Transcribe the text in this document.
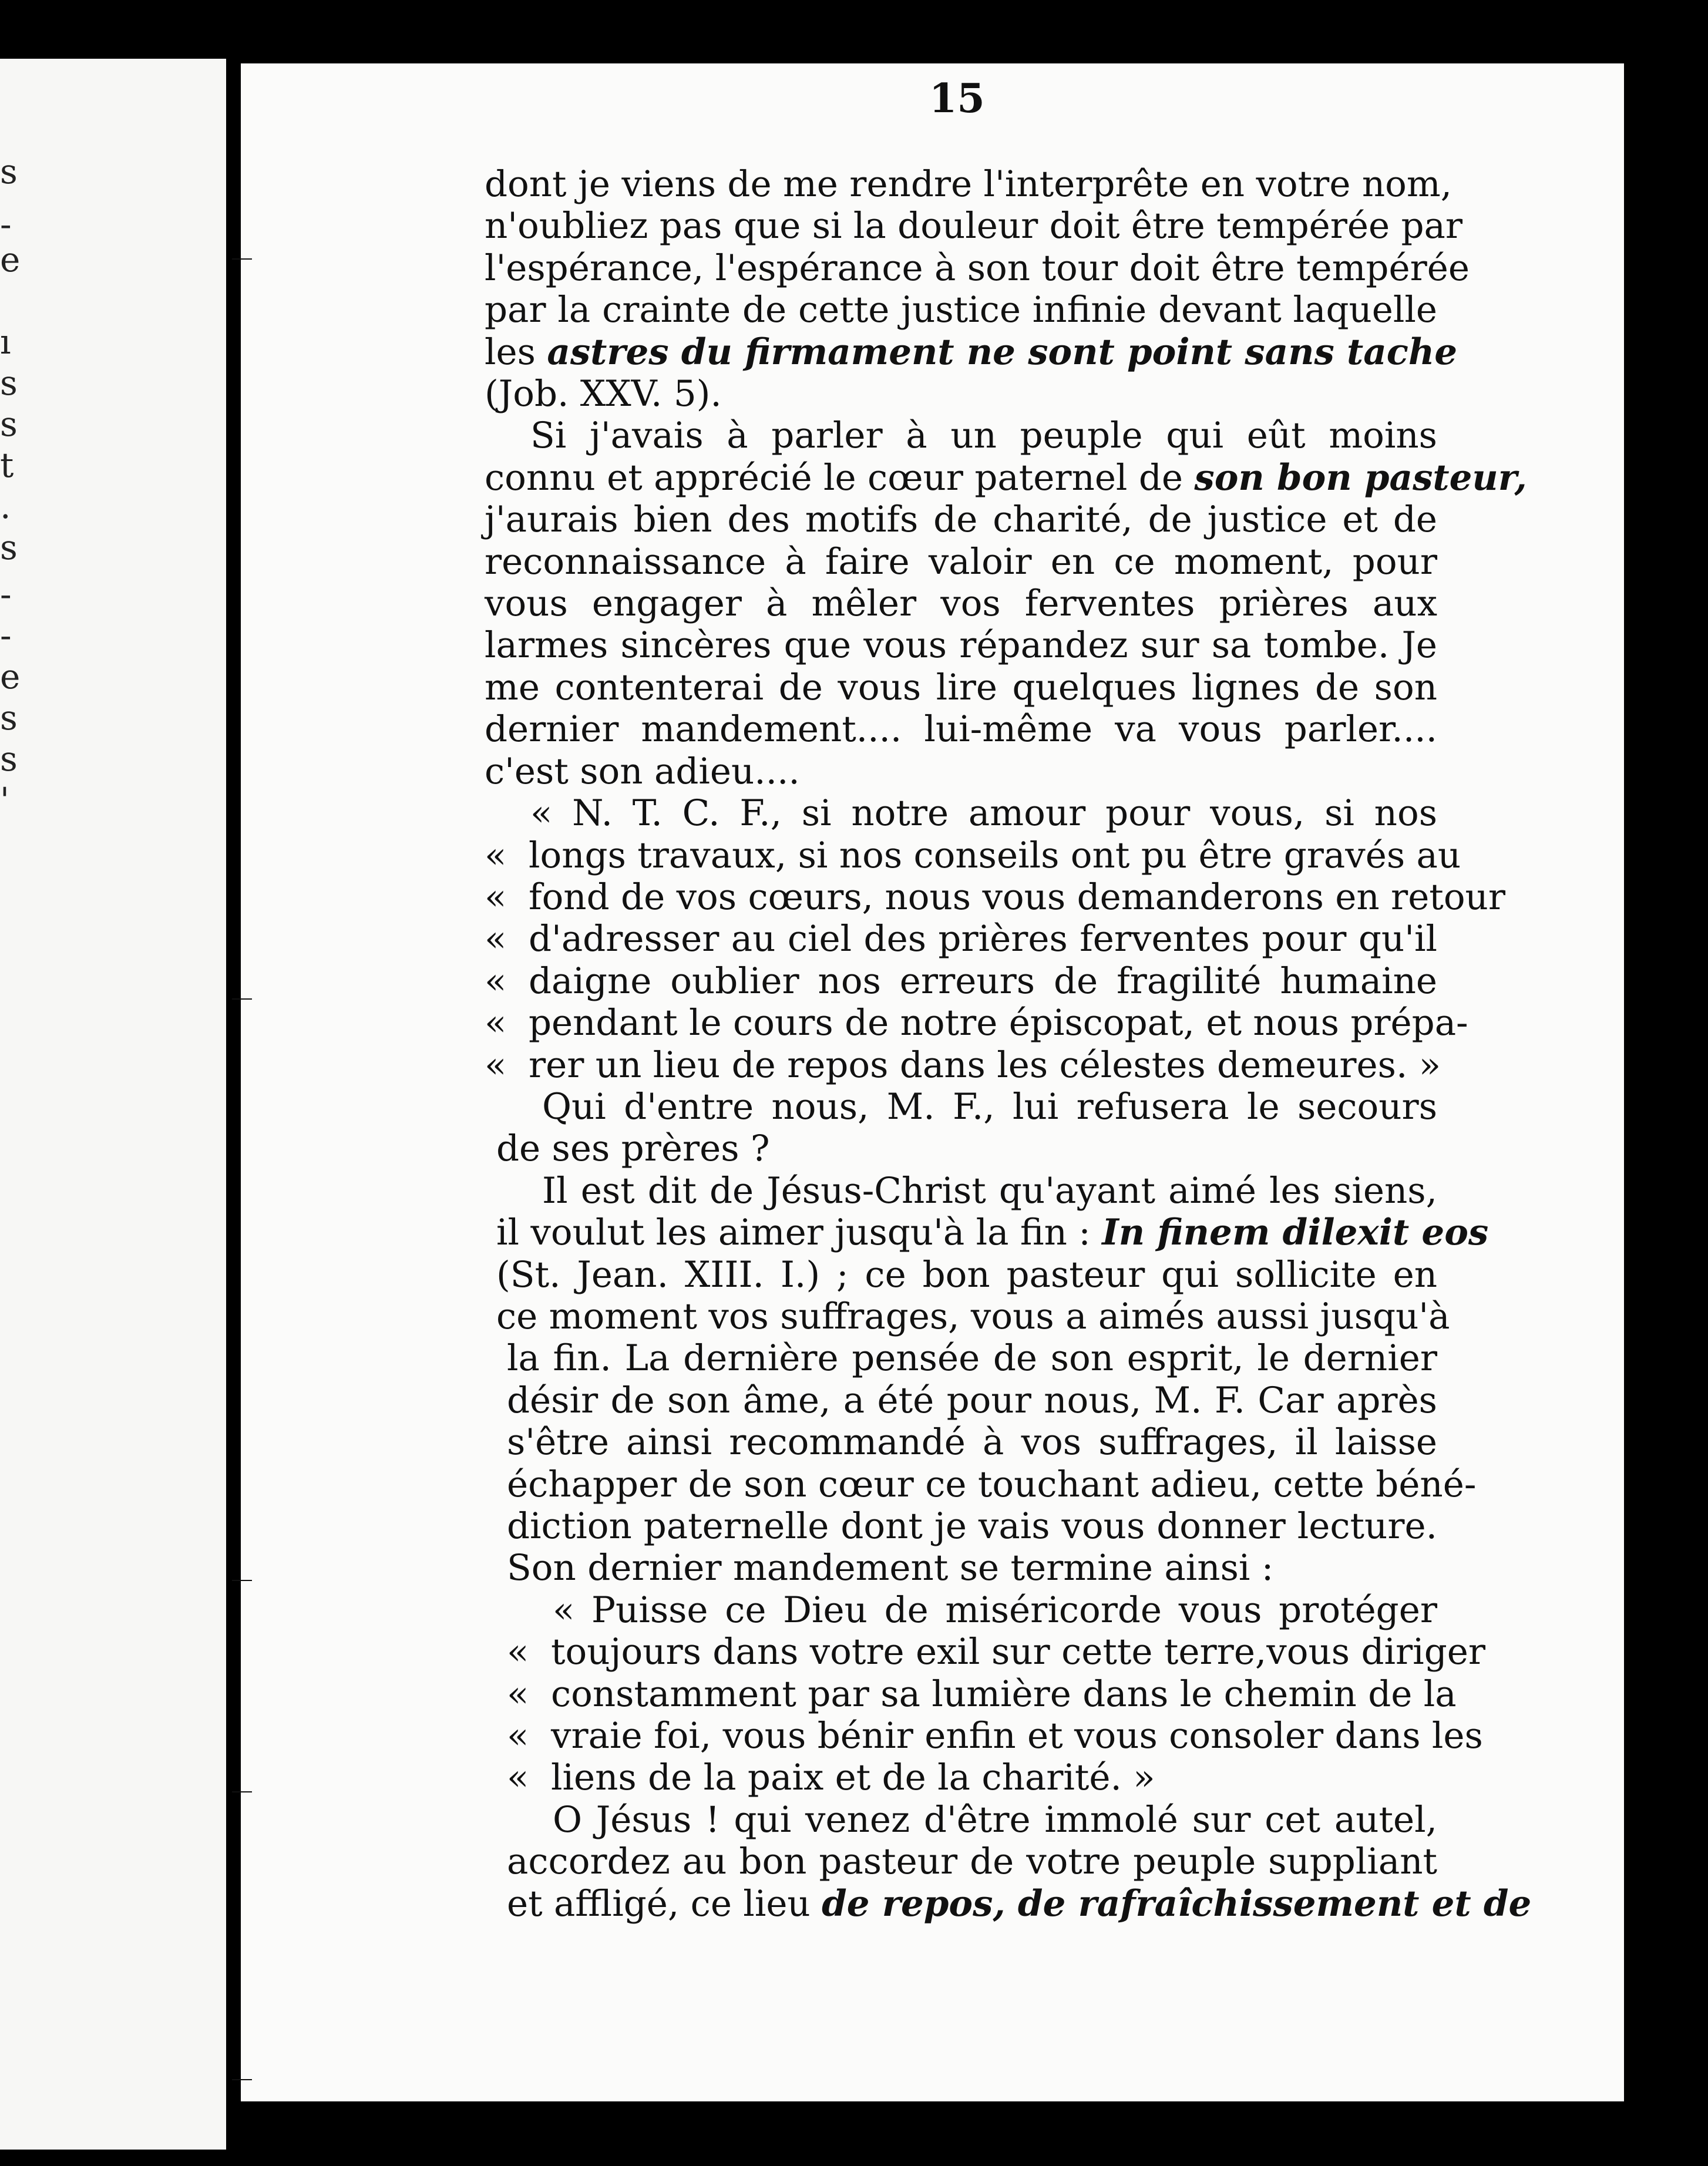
s
-
e
ı
s
s
t
.
s
-
-
e
s
s
'
15
dont je viens de me rendre l'interprête en votre nom,
n'oubliez pas que si la douleur doit être tempérée par
l'espérance, l'espérance à son tour doit être tempérée
par la crainte de cette justice infinie devant laquelle
les astres du firmament ne sont point sans tache
(Job. XXV. 5).
Si j'avais à parler à un peuple qui eût moins
connu et apprécié le cœur paternel de son bon pasteur,
j'aurais bien des motifs de charité, de justice et de
reconnaissance à faire valoir en ce moment, pour
vous engager à mêler vos ferventes prières aux
larmes sincères que vous répandez sur sa tombe. Je
me contenterai de vous lire quelques lignes de son
dernier mandement.... lui-même va vous parler....
c'est son adieu....
« N. T. C. F., si notre amour pour vous, si nos
« longs travaux, si nos conseils ont pu être gravés au
« fond de vos cœurs, nous vous demanderons en retour
« d'adresser au ciel des prières ferventes pour qu'il
« daigne oublier nos erreurs de fragilité humaine
« pendant le cours de notre épiscopat, et nous prépa-
« rer un lieu de repos dans les célestes demeures. »
Qui d'entre nous, M. F., lui refusera le secours
de ses prères ?
Il est dit de Jésus-Christ qu'ayant aimé les siens,
il voulut les aimer jusqu'à la fin : In finem dilexit eos
(St. Jean. XIII. I.) ; ce bon pasteur qui sollicite en
ce moment vos suffrages, vous a aimés aussi jusqu'à
la fin. La dernière pensée de son esprit, le dernier
désir de son âme, a été pour nous, M. F. Car après
s'être ainsi recommandé à vos suffrages, il laisse
échapper de son cœur ce touchant adieu, cette béné-
diction paternelle dont je vais vous donner lecture.
Son dernier mandement se termine ainsi :
« Puisse ce Dieu de miséricorde vous protéger
« toujours dans votre exil sur cette terre,vous diriger
« constamment par sa lumière dans le chemin de la
« vraie foi, vous bénir enfin et vous consoler dans les
« liens de la paix et de la charité. »
O Jésus ! qui venez d'être immolé sur cet autel,
accordez au bon pasteur de votre peuple suppliant
et affligé, ce lieu de repos, de rafraîchissement et de
